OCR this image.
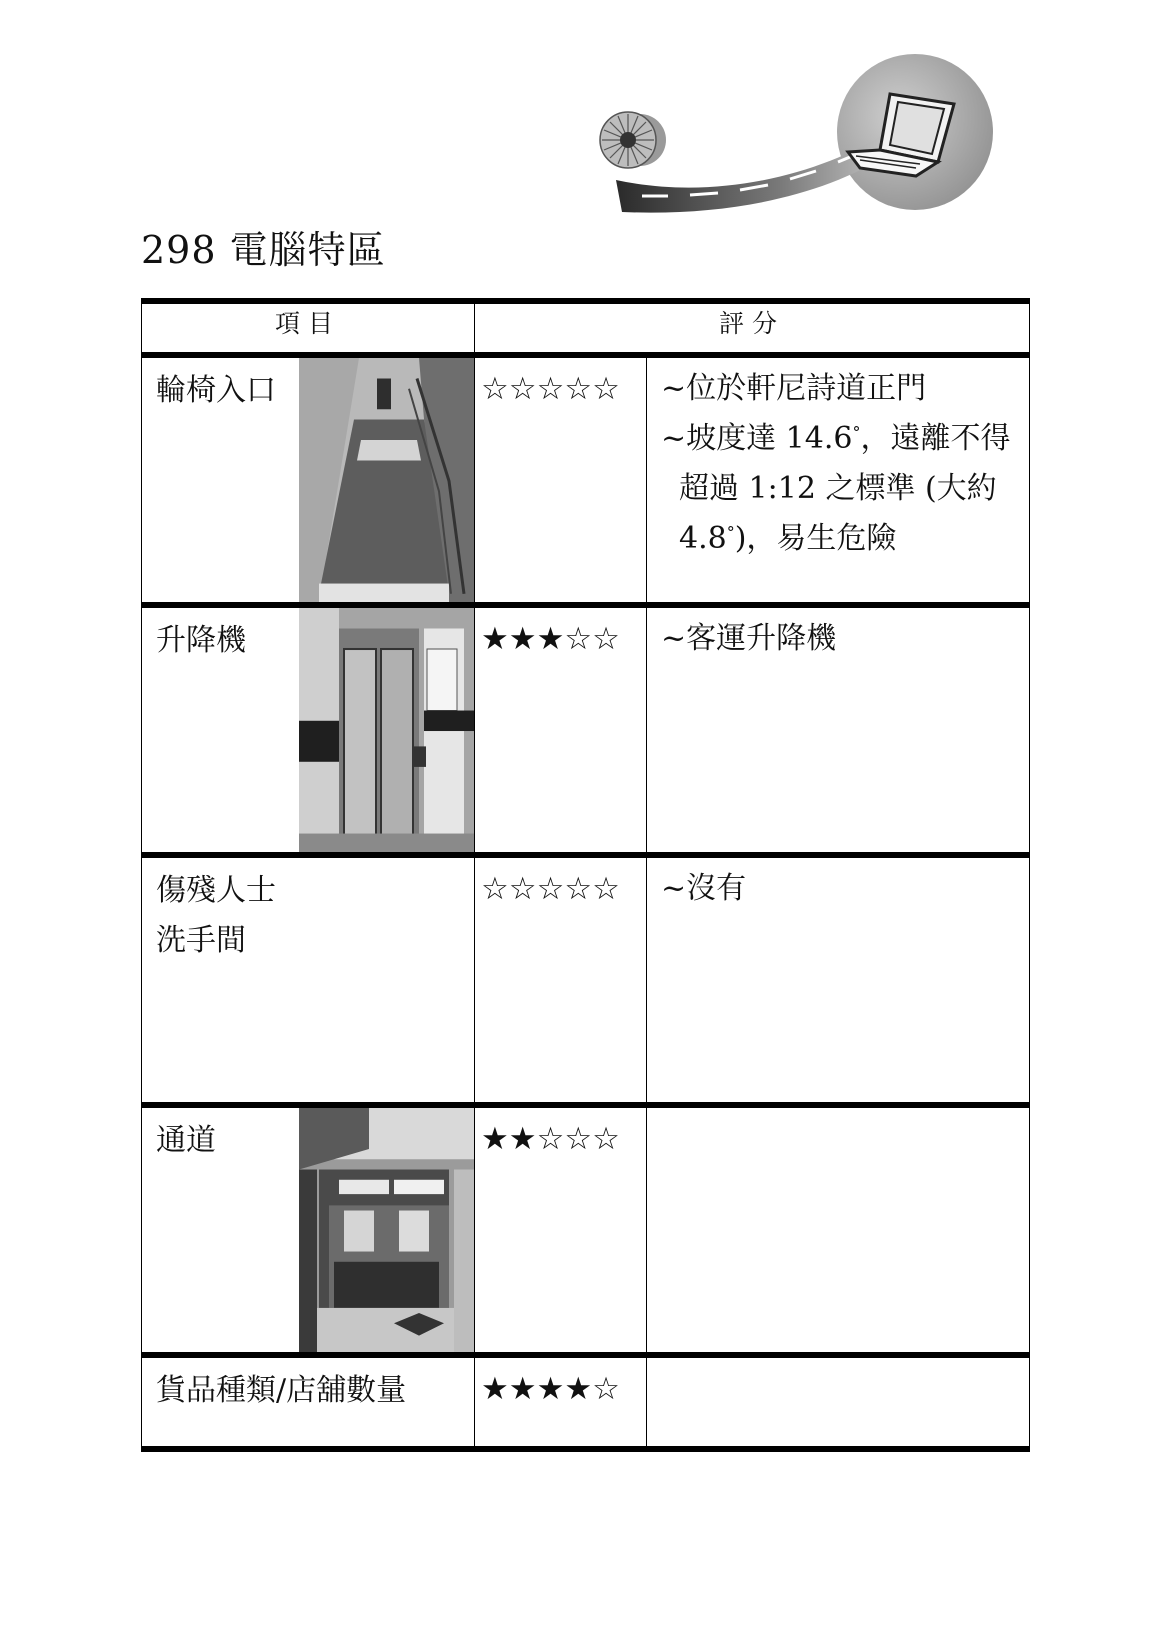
298 電腦特區
項目	評分	

輪椅入口	☆☆☆☆☆	~位於軒尼詩道正門
~坡度達 14.6°，遠離不得
超過 1:12 之標準 (大約
4.8°)，易生危險

升降機	★★★☆☆	~客運升降機

傷殘人士
洗手間	☆☆☆☆☆	~沒有

通道	★★☆☆☆	

貨品種類/店舖數量	★★★★☆	
